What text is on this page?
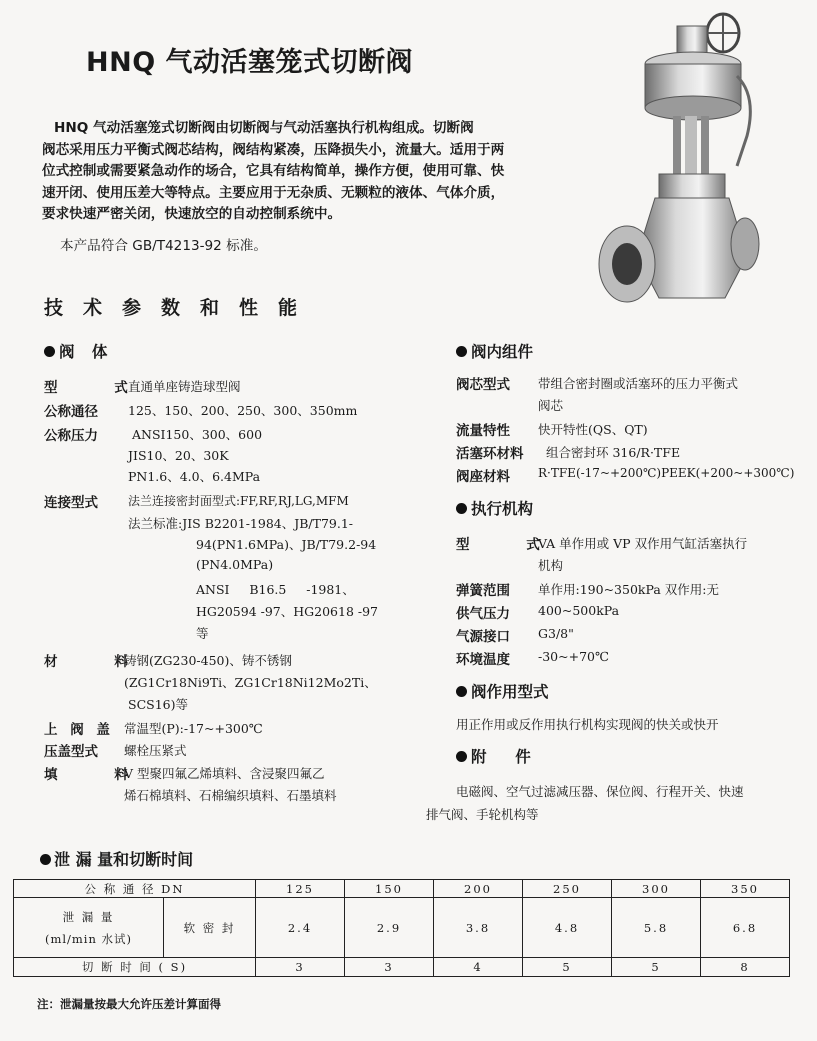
HNQ 气动活塞笼式切断阀

HNQ 气动活塞笼式切断阀由切断阀与气动活塞执行机构组成。切断阀

阀芯采用压力平衡式阀芯结构，阀结构紧凑，压降损失小，流量大。适用于两

位式控制或需要紧急动作的场合，它具有结构简单，操作方便，使用可靠、快

速开闭、使用压差大等特点。主要应用于无杂质、无颗粒的液体、气体介质，

要求快速严密关闭，快速放空的自动控制系统中。

本产品符合 GB/T4213-92 标准。
技术参数和性能
阀 体
型 式
直通单座铸造球型阀
公称通径 125、150、200、250、300、350mm
公称压力	ANSI150、300、600
JIS10、20、30K
PN1.6、4.0、6.4MPa
连接型式	法兰连接密封面型式:FF,RF,RJ,LG,MFM
法兰标准:JIS B2201-1984、JB/T79.1-
94(PN1.6MPa)、JB/T79.2-94
(PN4.0MPa)
ANSI     B16.5     -1981、
HG20594 -97、HG20618 -97
等
材 料
铸钢(ZG230-450)、铸不锈钢
(ZG1Cr18Ni9Ti、ZG1Cr18Ni12Mo2Ti、
SCS16)等
上 阀 盖 常温型(P):-17~+300℃
压盖型式 螺栓压紧式
填 料
V 型聚四氟乙烯填料、含浸聚四氟乙
烯石棉填料、石棉编织填料、石墨填料
阀内组件
阀芯型式 带组合密封圈或活塞环的压力平衡式
阀芯
流量特性 快开特性(QS、QT)
活塞环材料 组合密封环 316/R·TFE
阀座材料 R·TFE(-17~+200℃)PEEK(+200~+300℃)
执行机构
型 式
VA 单作用或 VP 双作用气缸活塞执行
机构
弹簧范围 单作用:190~350kPa 双作用:无
供气压力 400~500kPa
气源接口 G3/8"
环境温度 -30~+70℃
阀作用型式
用正作用或反作用执行机构实现阀的快关或快开
附  件
电磁阀、空气过滤减压器、保位阀、行程开关、快速
排气阀、手轮机构等
泄 漏 量和切断时间
公 称 通 径 DN		125	150	200	250	300	350

泄 漏 量
(ml/min 水试)	软 密 封	2.4	2.9	3.8	4.8	5.8	6.8
切 断 时 间 ( S)		3	3	4	5	5	8
注：泄漏量按最大允许压差计算面得
